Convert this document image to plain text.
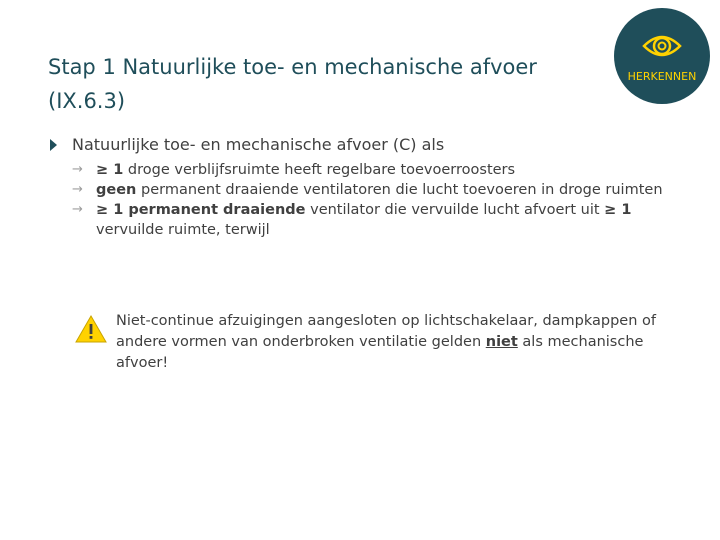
Stap 1 Natuurlijke toe- en mechanische afvoer
(IX.6.3)
HERKENNEN
Natuurlijke toe- en mechanische afvoer (C) als

→ ≥ 1 droge verblijfsruimte heeft regelbare toevoerroosters

→ geen permanent draaiende ventilatoren die lucht toevoeren in droge ruimten

→ ≥ 1 permanent draaiende ventilator die vervuilde lucht afvoert uit ≥ 1 vervuilde ruimte, terwijl

Niet-continue afzuigingen aangesloten op lichtschakelaar, dampkappen of andere vormen van onderbroken ventilatie gelden niet als mechanische afvoer!
